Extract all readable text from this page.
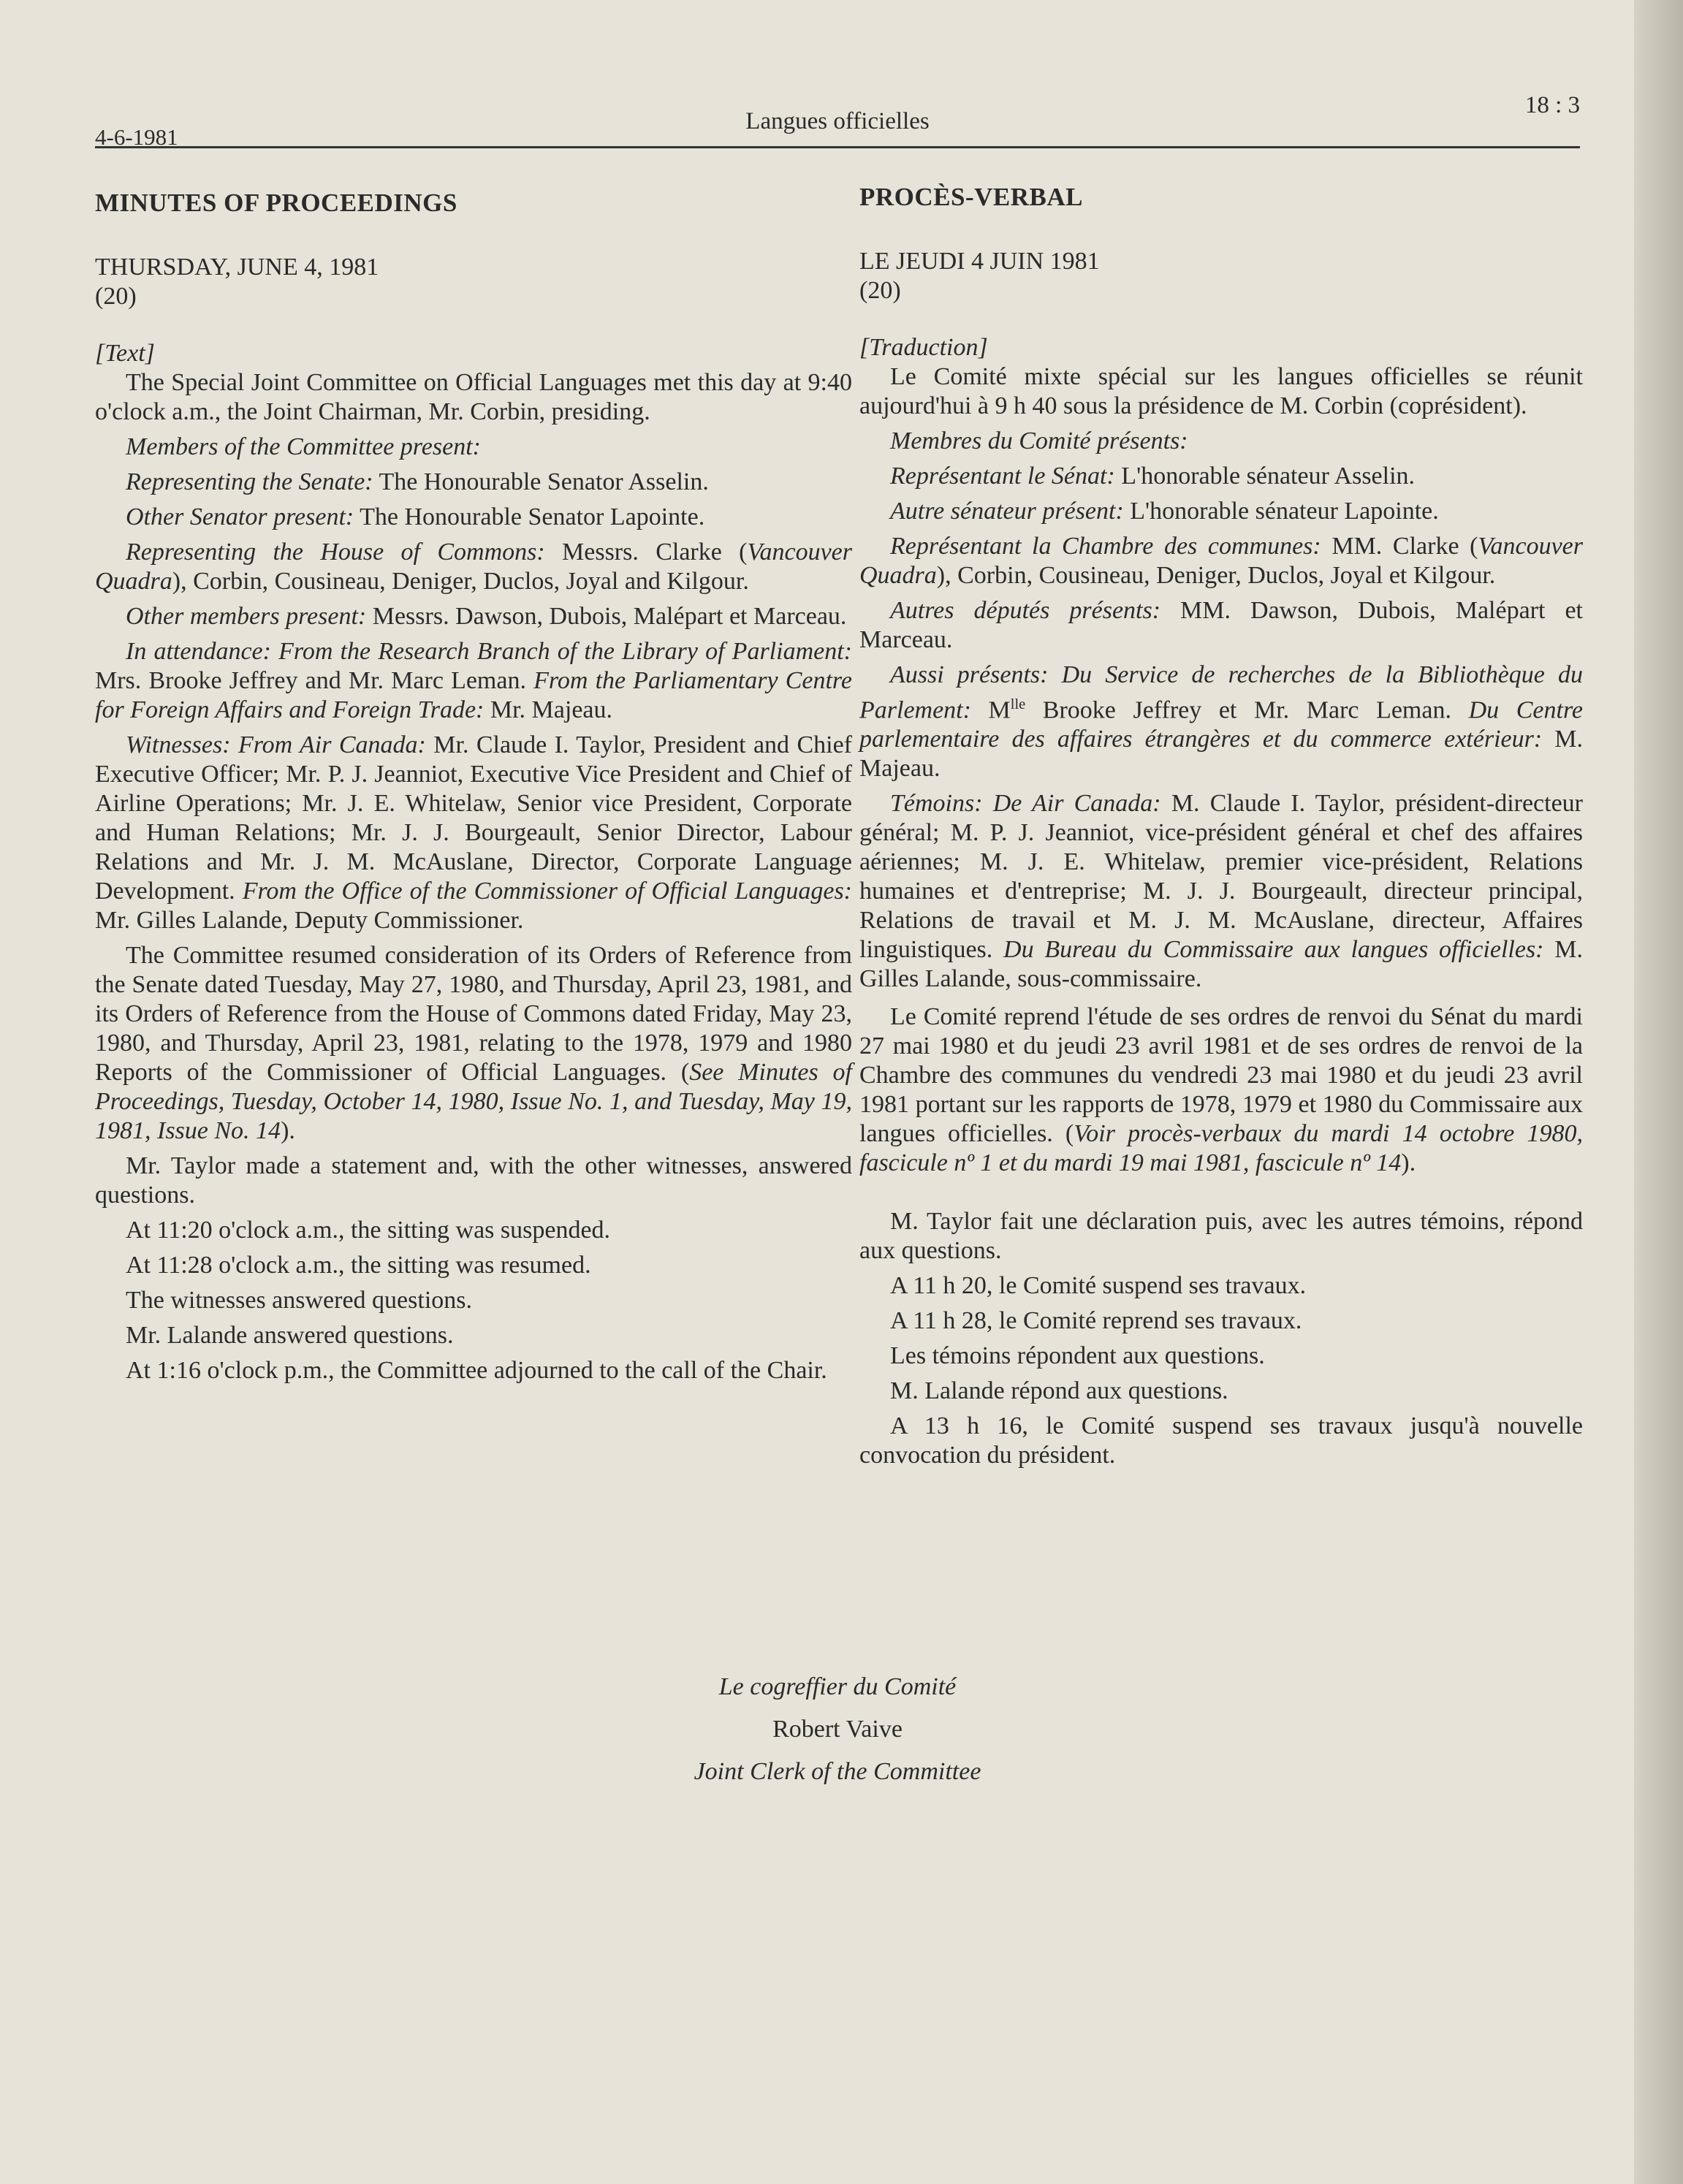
4-6-1981
Langues officielles
18 : 3

MINUTES OF PROCEEDINGS

THURSDAY, JUNE 4, 1981

(20)

[Text]

The Special Joint Committee on Official Languages met this day at 9:40 o'clock a.m., the Joint Chairman, Mr. Corbin, presiding.

Members of the Committee present:

Representing the Senate: The Honourable Senator Asselin.

Other Senator present: The Honourable Senator Lapointe.

Representing the House of Commons: Messrs. Clarke (Vancouver Quadra), Corbin, Cousineau, Deniger, Duclos, Joyal and Kilgour.

Other members present: Messrs. Dawson, Dubois, Malépart et Marceau.

In attendance: From the Research Branch of the Library of Parliament: Mrs. Brooke Jeffrey and Mr. Marc Leman. From the Parliamentary Centre for Foreign Affairs and Foreign Trade: Mr. Majeau.

Witnesses: From Air Canada: Mr. Claude I. Taylor, President and Chief Executive Officer; Mr. P. J. Jeanniot, Executive Vice President and Chief of Airline Operations; Mr. J. E. Whitelaw, Senior vice President, Corporate and Human Relations; Mr. J. J. Bourgeault, Senior Director, Labour Relations and Mr. J. M. McAuslane, Director, Corporate Language Development. From the Office of the Commissioner of Official Languages: Mr. Gilles Lalande, Deputy Commissioner.

The Committee resumed consideration of its Orders of Reference from the Senate dated Tuesday, May 27, 1980, and Thursday, April 23, 1981, and its Orders of Reference from the House of Commons dated Friday, May 23, 1980, and Thursday, April 23, 1981, relating to the 1978, 1979 and 1980 Reports of the Commissioner of Official Languages. (See Minutes of Proceedings, Tuesday, October 14, 1980, Issue No. 1, and Tuesday, May 19, 1981, Issue No. 14).

Mr. Taylor made a statement and, with the other witnesses, answered questions.

At 11:20 o'clock a.m., the sitting was suspended.

At 11:28 o'clock a.m., the sitting was resumed.

The witnesses answered questions.

Mr. Lalande answered questions.

At 1:16 o'clock p.m., the Committee adjourned to the call of the Chair.

PROCÈS-VERBAL

LE JEUDI 4 JUIN 1981

(20)

[Traduction]

Le Comité mixte spécial sur les langues officielles se réunit aujourd'hui à 9 h 40 sous la présidence de M. Corbin (coprésident).

Membres du Comité présents:

Représentant le Sénat: L'honorable sénateur Asselin.

Autre sénateur présent: L'honorable sénateur Lapointe.

Représentant la Chambre des communes: MM. Clarke (Vancouver Quadra), Corbin, Cousineau, Deniger, Duclos, Joyal et Kilgour.

Autres députés présents: MM. Dawson, Dubois, Malépart et Marceau.

Aussi présents: Du Service de recherches de la Bibliothèque du Parlement: $M^{lle}$ Brooke Jeffrey et Mr. Marc Leman. Du Centre parlementaire des affaires étrangères et du commerce extérieur: M. Majeau.

Témoins: De Air Canada: M. Claude I. Taylor, président-directeur général; M. P. J. Jeanniot, vice-président général et chef des affaires aériennes; M. J. E. Whitelaw, premier vice-président, Relations humaines et d'entreprise; M. J. J. Bourgeault, directeur principal, Relations de travail et M. J. M. McAuslane, directeur, Affaires linguistiques. Du Bureau du Commissaire aux langues officielles: M. Gilles Lalande, sous-commissaire.

Le Comité reprend l'étude de ses ordres de renvoi du Sénat du mardi 27 mai 1980 et du jeudi 23 avril 1981 et de ses ordres de renvoi de la Chambre des communes du vendredi 23 mai 1980 et du jeudi 23 avril 1981 portant sur les rapports de 1978, 1979 et 1980 du Commissaire aux langues officielles. (Voir procès-verbaux du mardi 14 octobre 1980, fascicule nº 1 et du mardi 19 mai 1981, fascicule nº 14).

M. Taylor fait une déclaration puis, avec les autres témoins, répond aux questions.

A 11 h 20, le Comité suspend ses travaux.

A 11 h 28, le Comité reprend ses travaux.

Les témoins répondent aux questions.

M. Lalande répond aux questions.

A 13 h 16, le Comité suspend ses travaux jusqu'à nouvelle convocation du président.

Le cogreffier du Comité
Robert Vaive
Joint Clerk of the Committee
